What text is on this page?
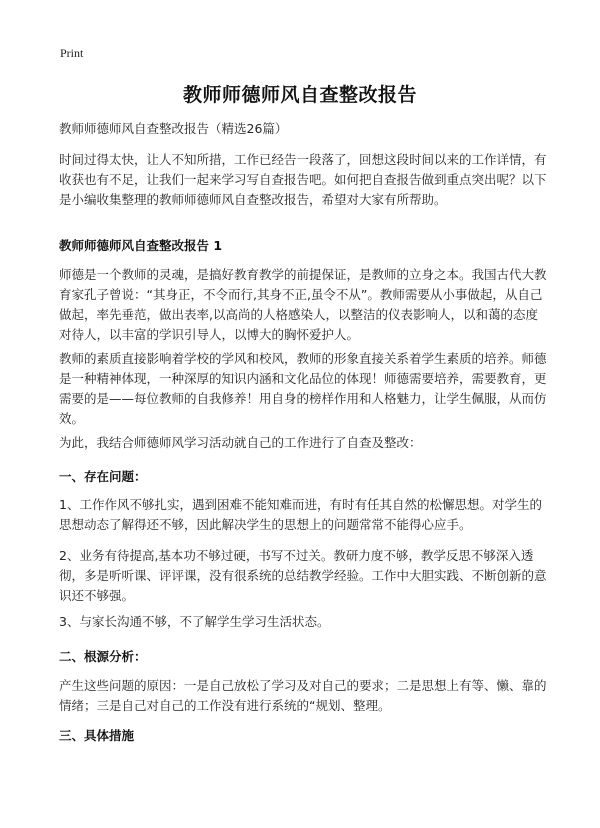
Print
教师师德师风自查整改报告

教师师德师风自查整改报告（精选26篇）

时间过得太快，让人不知所措，工作已经告一段落了，回想这段时间以来的工作详情，有收获也有不足，让我们一起来学习写自查报告吧。如何把自查报告做到重点突出呢？以下是小编收集整理的教师师德师风自查整改报告，希望对大家有所帮助。

教师师德师风自查整改报告 1

师德是一个教师的灵魂，是搞好教育教学的前提保证，是教师的立身之本。我国古代大教育家孔子曾说：“其身正，不令而行,其身不正,虽令不从”。教师需要从小事做起，从自己做起，率先垂范，做出表率,以高尚的人格感染人，以整洁的仪表影响人，以和蔼的态度对待人，以丰富的学识引导人，以博大的胸怀爱护人。

教师的素质直接影响着学校的学风和校风，教师的形象直接关系着学生素质的培养。师德是一种精神体现，一种深厚的知识内涵和文化品位的体现！师德需要培养，需要教育，更需要的是——每位教师的自我修养！用自身的榜样作用和人格魅力，让学生佩服，从而仿效。

为此，我结合师德师风学习活动就自己的工作进行了自查及整改：

一、存在问题：

1、工作作风不够扎实，遇到困难不能知难而进，有时有任其自然的松懈思想。对学生的思想动态了解得还不够，因此解决学生的思想上的问题常常不能得心应手。

2、业务有待提高,基本功不够过硬，书写不过关。教研力度不够，教学反思不够深入透彻，多是听听课、评评课，没有很系统的总结教学经验。工作中大胆实践、不断创新的意识还不够强。

3、与家长沟通不够，不了解学生学习生活状态。

二、根源分析：

产生这些问题的原因：一是自己放松了学习及对自己的要求；二是思想上有等、懒、靠的情绪；三是自己对自己的工作没有进行系统的“规划、整理。

三、具体措施
